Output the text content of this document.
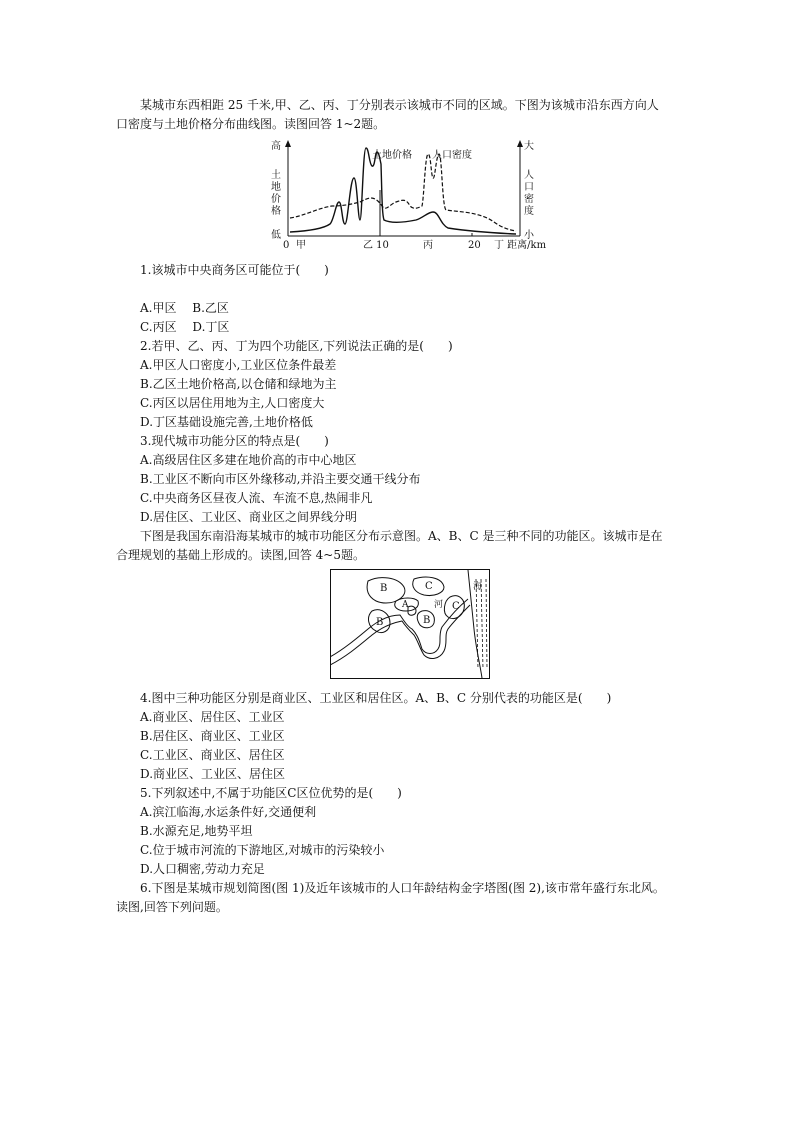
某城市东西相距 25 千米,甲、乙、丙、丁分别表示该城市不同的区域。下图为该城市沿东西方向人
口密度与土地价格分布曲线图。读图回答 1~2题。
高
土
地
价
格
低
大
人
口
密
度
小
土地价格 人口密度
0 甲	乙 10	丙	20 丁 距离/km
1.该城市中央商务区可能位于(　　)
A.甲区　 B.乙区
C.丙区　 D.丁区
2.若甲、乙、丙、丁为四个功能区,下列说法正确的是(　　)
A.甲区人口密度小,工业区位条件最差
B.乙区土地价格高,以仓储和绿地为主
C.丙区以居住用地为主,人口密度大
D.丁区基础设施完善,土地价格低
3.现代城市功能分区的特点是(　　)
A.高级居住区多建在地价高的市中心地区
B.工业区不断向市区外缘移动,并沿主要交通干线分布
C.中央商务区昼夜人流、车流不息,热闹非凡
D.居住区、工业区、商业区之间界线分明
下图是我国东南沿海某城市的城市功能区分布示意图。A、B、C 是三种不同的功能区。该城市是在
合理规划的基础上形成的。读图,回答 4~5题。
B	C	海
A	河 C
B	B
4.图中三种功能区分别是商业区、工业区和居住区。A、B、C 分别代表的功能区是(　　)
A.商业区、居住区、工业区
B.居住区、商业区、工业区
C.工业区、商业区、居住区
D.商业区、工业区、居住区
5.下列叙述中,不属于功能区C区位优势的是(　　)
A.滨江临海,水运条件好,交通便利
B.水源充足,地势平坦
C.位于城市河流的下游地区,对城市的污染较小
D.人口稠密,劳动力充足
6.下图是某城市规划简图(图 1)及近年该城市的人口年龄结构金字塔图(图 2),该市常年盛行东北风。
读图,回答下列问题。
